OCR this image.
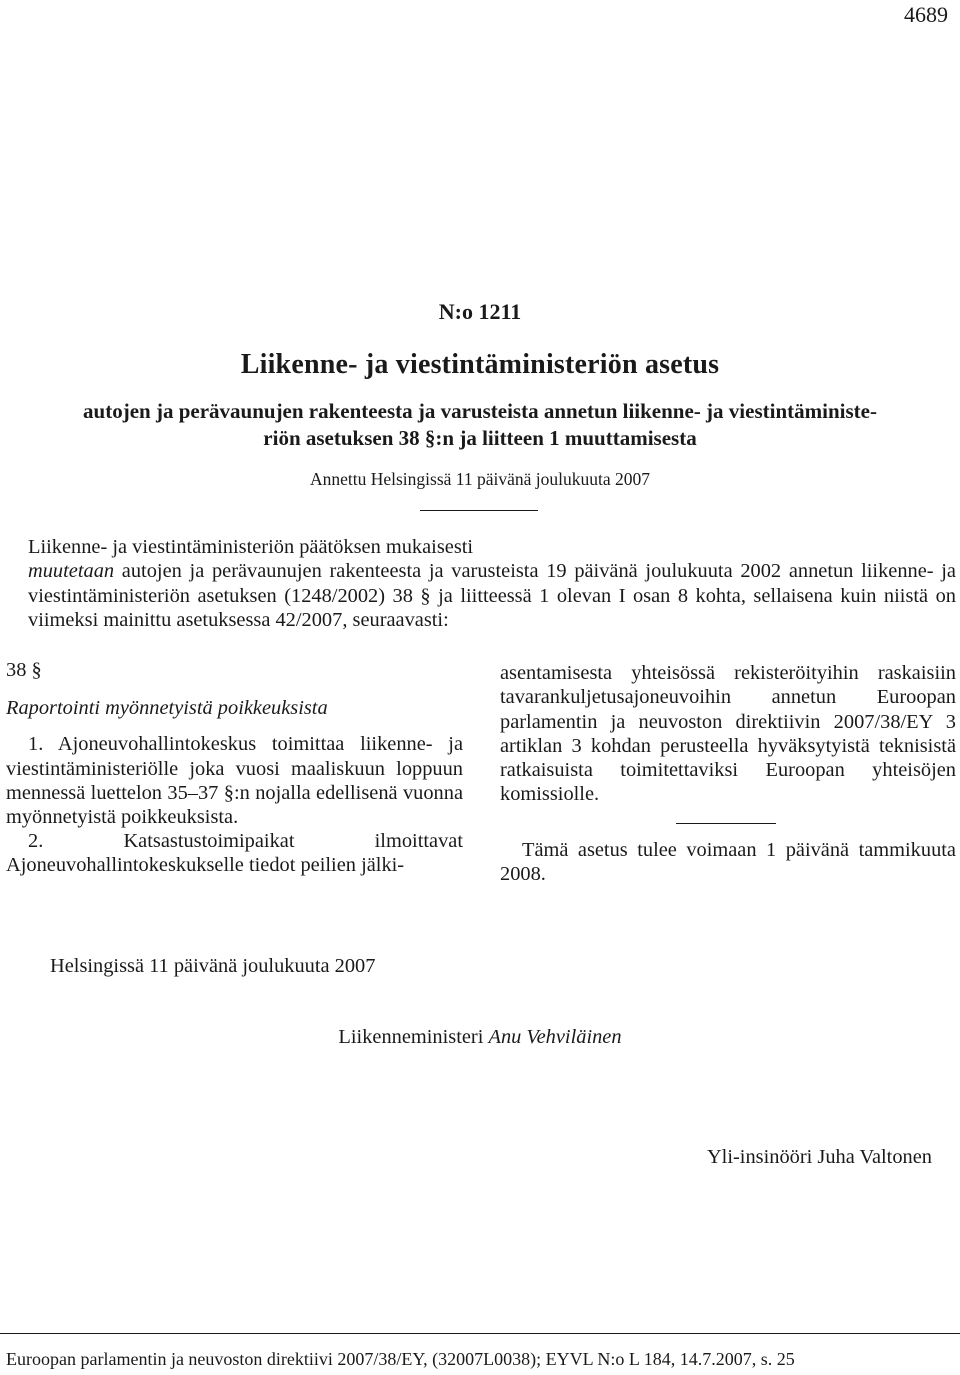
4689
N:o 1211
Liikenne- ja viestintäministeriön asetus
autojen ja perävaunujen rakenteesta ja varusteista annetun liikenne- ja viestintäministe-
riön asetuksen 38 §:n ja liitteen 1 muuttamisesta
Annettu Helsingissä 11 päivänä joulukuuta 2007

Liikenne- ja viestintäministeriön päätöksen mukaisesti

muutetaan autojen ja perävaunujen rakenteesta ja varusteista 19 päivänä joulukuuta 2002 annetun liikenne- ja viestintäministeriön asetuksen (1248/2002) 38 § ja liitteessä 1 olevan I osan 8 kohta, sellaisena kuin niistä on viimeksi mainittu asetuksessa 42/2007, seuraavasti:

38 §

Raportointi myönnetyistä poikkeuksista

1. Ajoneuvohallintokeskus toimittaa liikenne- ja viestintäministeriölle joka vuosi maaliskuun loppuun mennessä luettelon 35–37 §:n nojalla edellisenä vuonna myönnetyistä poikkeuksista.

2. Katsastustoimipaikat ilmoittavat Ajoneuvohallintokeskukselle tiedot peilien jälki-

asentamisesta yhteisössä rekisteröityihin raskaisiin tavarankuljetusajoneuvoihin annetun Euroopan parlamentin ja neuvoston direktiivin 2007/38/EY 3 artiklan 3 kohdan perusteella hyväksytyistä teknisistä ratkaisuista toimitettaviksi Euroopan yhteisöjen komissiolle.

Tämä asetus tulee voimaan 1 päivänä tammikuuta 2008.

Helsingissä 11 päivänä joulukuuta 2007
Liikenneministeri Anu Vehviläinen
Yli-insinööri Juha Valtonen
Euroopan parlamentin ja neuvoston direktiivi 2007/38/EY, (32007L0038); EYVL N:o L 184, 14.7.2007, s. 25
